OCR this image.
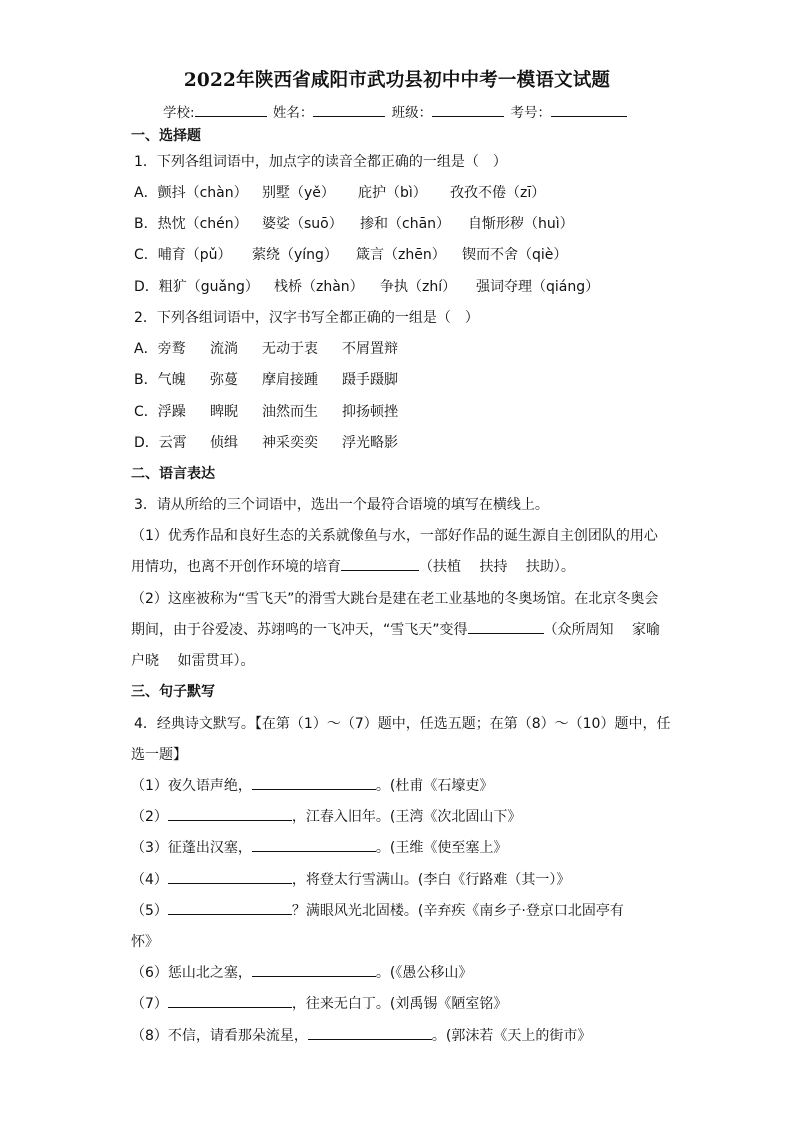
2022年陕西省咸阳市武功县初中中考一模语文试题
学校:	姓名：	班级：	考号：
一、选择题
1．下列各组词语中，加点字的读音全都正确的一组是（　）
A．颤抖（chàn） 别墅（yě） 庇护（bì） 孜孜不倦（zī）
B．热忱（chén） 婆娑（suō） 掺和（chān） 自惭形秽（huì）
C．哺育（pǔ） 萦绕（yíng） 箴言（zhēn） 锲而不舍（qiè）
D．粗犷（guǎng） 栈桥（zhàn） 争执（zhí） 强词夺理（qiáng）
2．下列各组词语中，汉字书写全都正确的一组是（　）
A．旁鹜 流淌 无动于衷 不屑置辩
B．气魄 弥蔓 摩肩接踵 蹑手蹑脚
C．浮躁 睥睨 油然而生 抑扬顿挫
D．云霄 侦缉 神采奕奕 浮光略影
二、语言表达
3．请从所给的三个词语中，选出一个最符合语境的填写在横线上。
（1）优秀作品和良好生态的关系就像鱼与水，一部好作品的诞生源自主创团队的用心
用情功，也离不开创作环境的培育	（扶植　 扶持　 扶助）。
（2）这座被称为“雪飞天”的滑雪大跳台是建在老工业基地的冬奥场馆。在北京冬奥会
期间，由于谷爱凌、苏翊鸣的一飞冲天，“雪飞天”变得	（众所周知　 家喻
户晓　 如雷贯耳）。
三、句子默写
4．经典诗文默写。【在第（1）～（7）题中，任选五题；在第（8）～（10）题中，任
选一题】
（1）夜久语声绝，	。(杜甫《石壕吏》
（2）	，江春入旧年。(王湾《次北固山下》
（3）征蓬出汉塞，	。(王维《使至塞上》
（4）	，将登太行雪满山。(李白《行路难（其一）》
（5）	？满眼风光北固楼。(辛弃疾《南乡子·登京口北固亭有
怀》
（6）惩山北之塞，	。(《愚公移山》
（7）	，往来无白丁。(刘禹锡《陋室铭》
（8）不信，请看那朵流星，	。(郭沫若《天上的街市》
